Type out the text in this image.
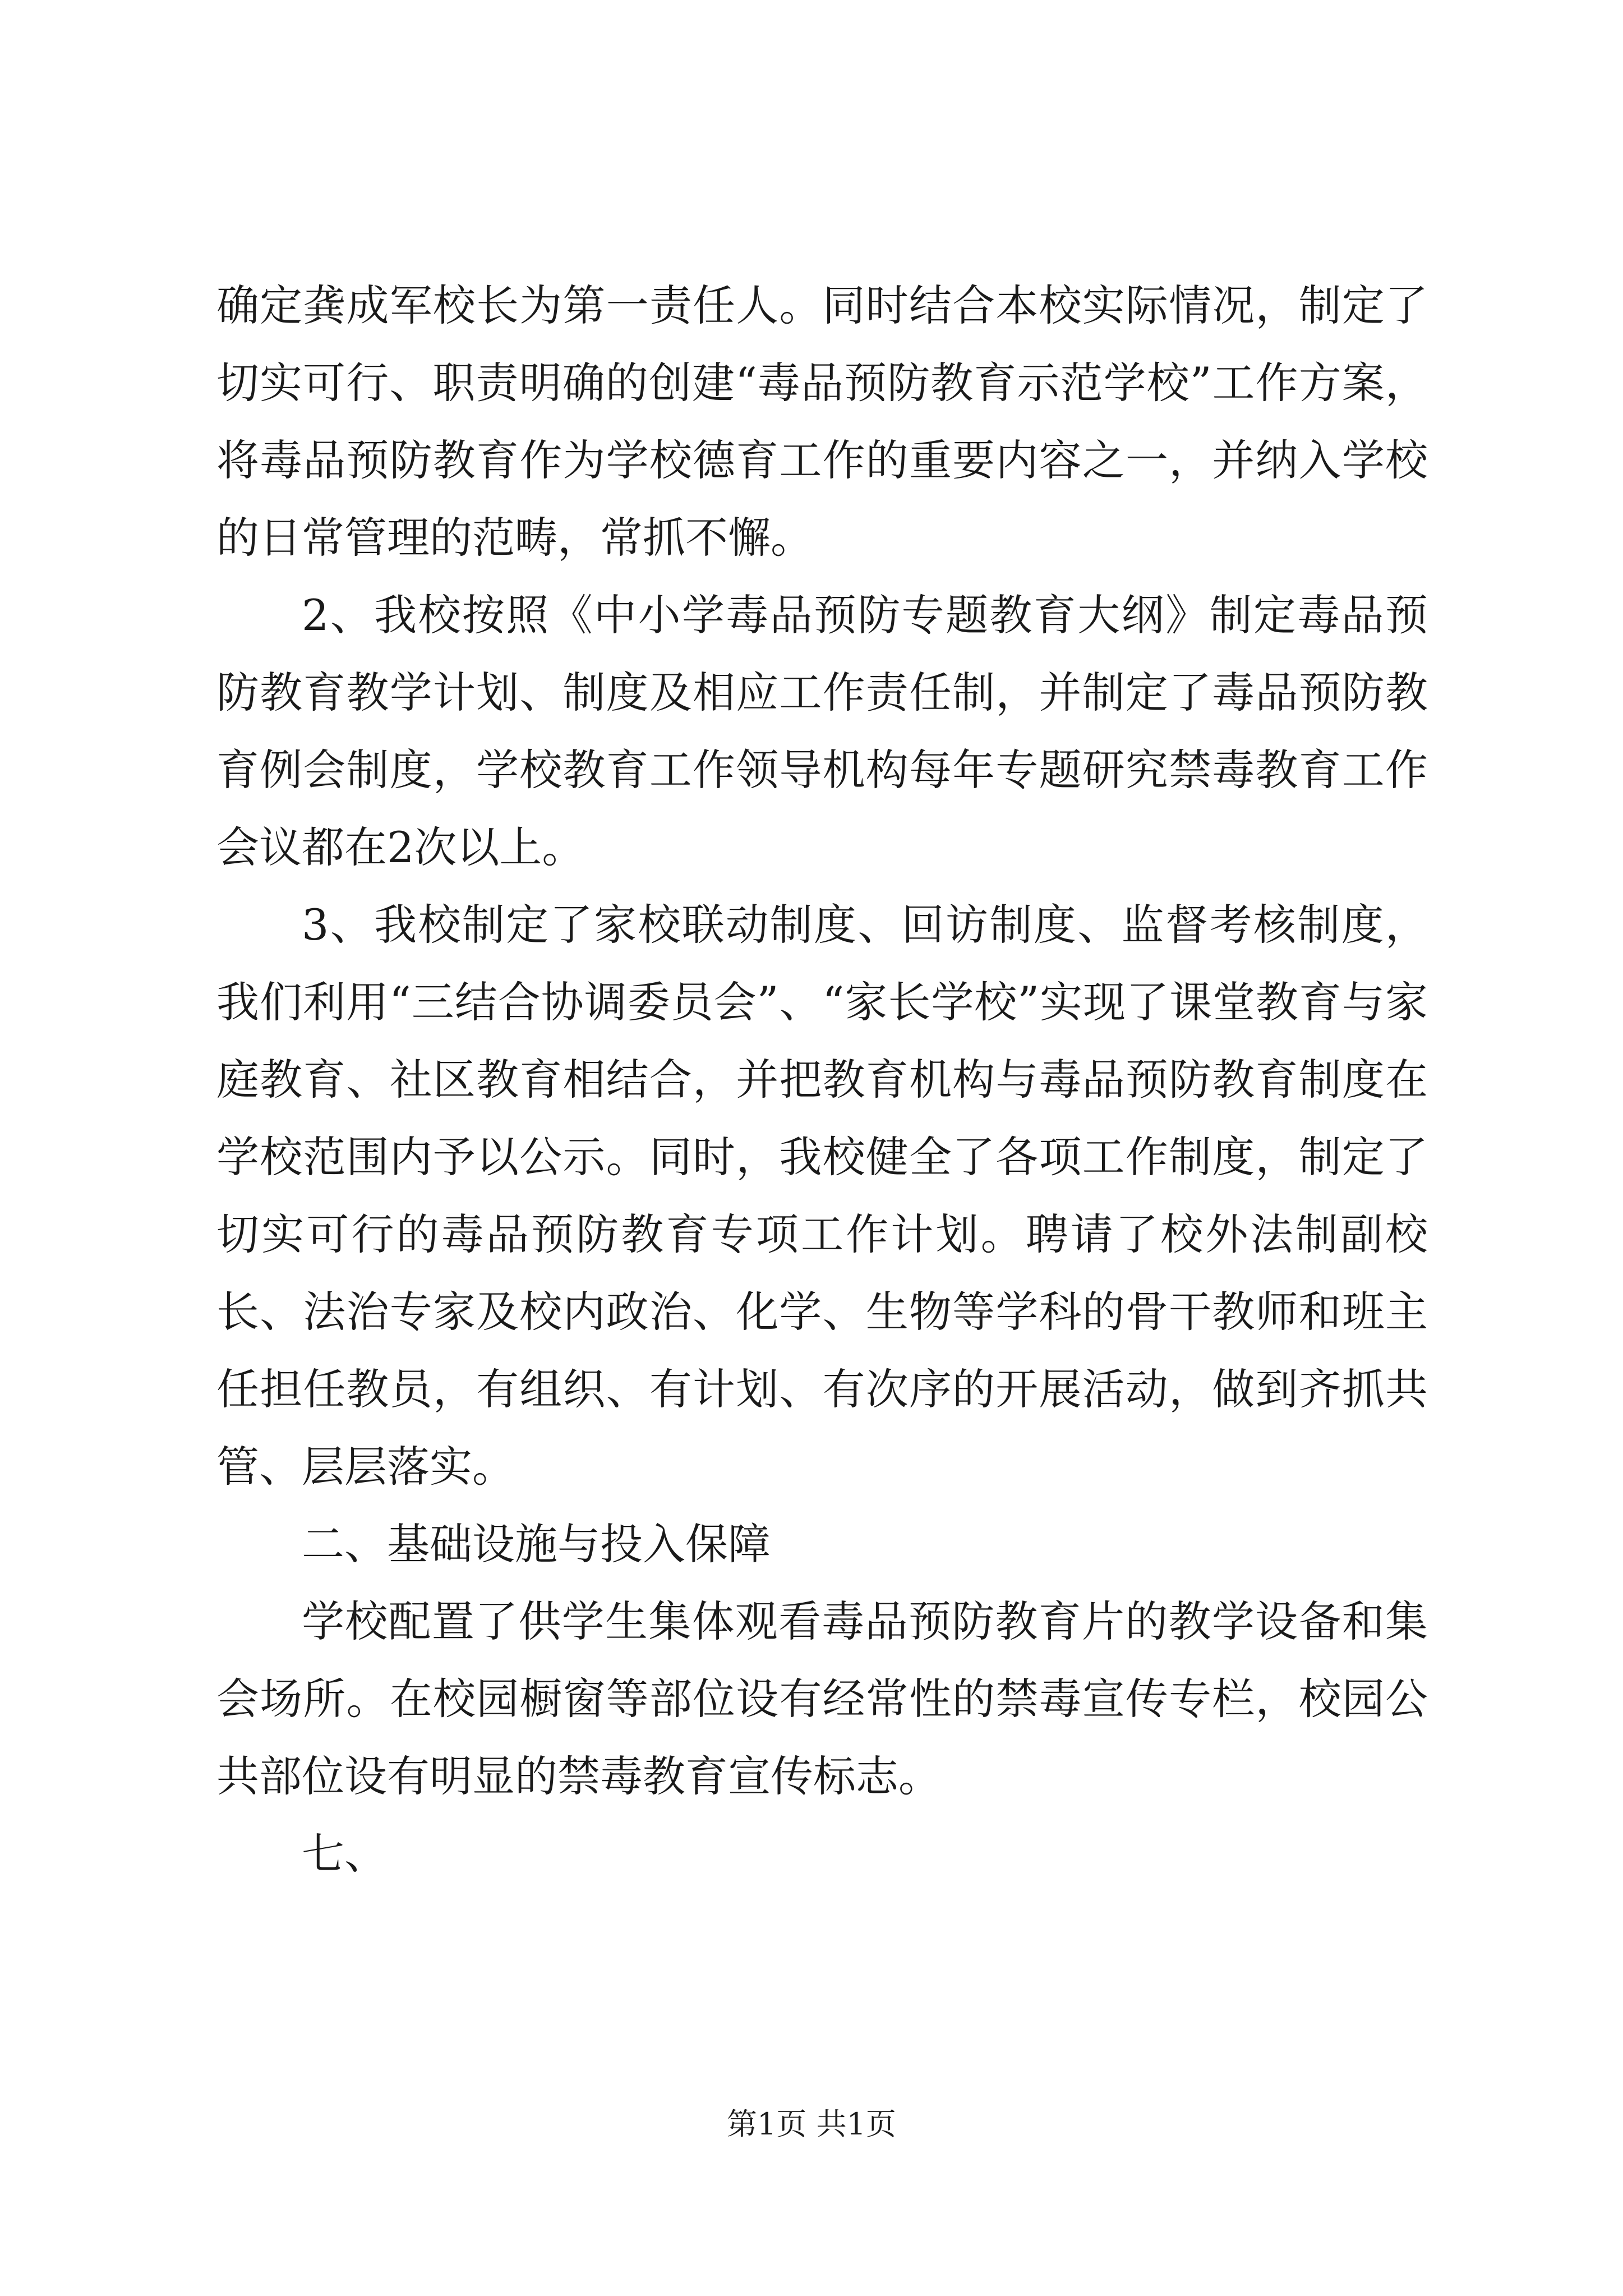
确定龚成军校长为第一责任人。同时结合本校实际情况，制定了切实可行、职责明确的创建“毒品预防教育示范学校”工作方案，将毒品预防教育作为学校德育工作的重要内容之一，并纳入学校的日常管理的范畴，常抓不懈。

2、我校按照《中小学毒品预防专题教育大纲》制定毒品预防教育教学计划、制度及相应工作责任制，并制定了毒品预防教育例会制度，学校教育工作领导机构每年专题研究禁毒教育工作会议都在2次以上。

3、我校制定了家校联动制度、回访制度、监督考核制度，我们利用“三结合协调委员会”、“家长学校”实现了课堂教育与家庭教育、社区教育相结合，并把教育机构与毒品预防教育制度在学校范围内予以公示。同时，我校健全了各项工作制度，制定了切实可行的毒品预防教育专项工作计划。聘请了校外法制副校长、法治专家及校内政治、化学、生物等学科的骨干教师和班主任担任教员，有组织、有计划、有次序的开展活动，做到齐抓共管、层层落实。

二、基础设施与投入保障

学校配置了供学生集体观看毒品预防教育片的教学设备和集会场所。在校园橱窗等部位设有经常性的禁毒宣传专栏，校园公共部位设有明显的禁毒教育宣传标志。

七、

第1页 共1页
